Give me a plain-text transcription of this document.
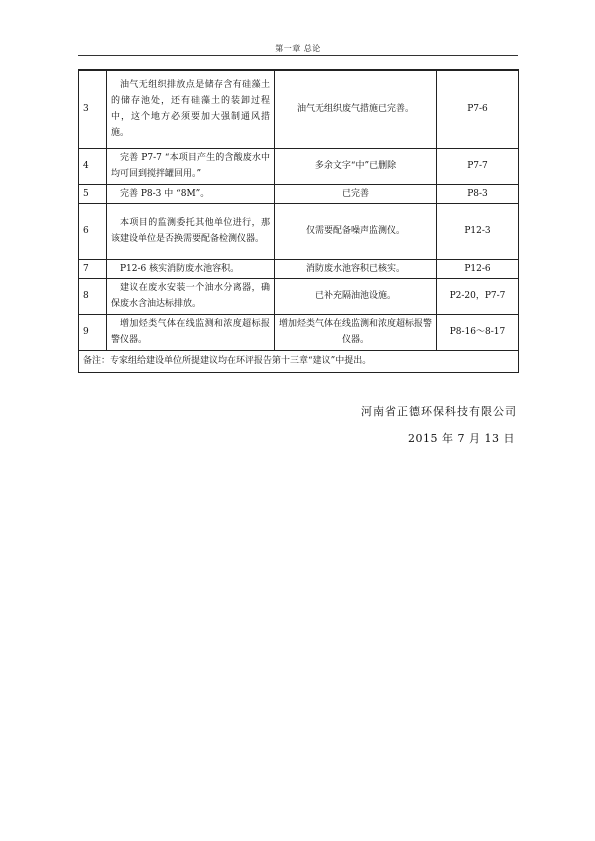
第一章 总论
3	油气无组织排放点是储存含有硅藻土的储存池处，还有硅藻土的装卸过程中，这个地方必须要加大强制通风措施。	油气无组织废气措施已完善。	P7-6
4	完善 P7-7 “本项目产生的含酸废水中均可回到搅拌罐回用。”	多余文字“中”已删除	P7-7
5	完善 P8-3 中 “8M”。	已完善	P8-3
6	本项目的监测委托其他单位进行，那该建设单位是否换需要配备检测仪器。	仅需要配备噪声监测仪。	P12-3
7	P12-6 核实消防废水池容积。	消防废水池容积已核实。	P12-6
8	建议在废水安装一个油水分离器，确保废水含油达标排放。	已补充隔油池设施。	P2-20，P7-7
9	增加烃类气体在线监测和浓度超标报警仪器。	增加烃类气体在线监测和浓度超标报警仪器。	P8-16～8-17
备注：专家组给建设单位所提建议均在环评报告第十三章“建议”中提出。			
河南省正德环保科技有限公司
2015 年 7 月 13 日
